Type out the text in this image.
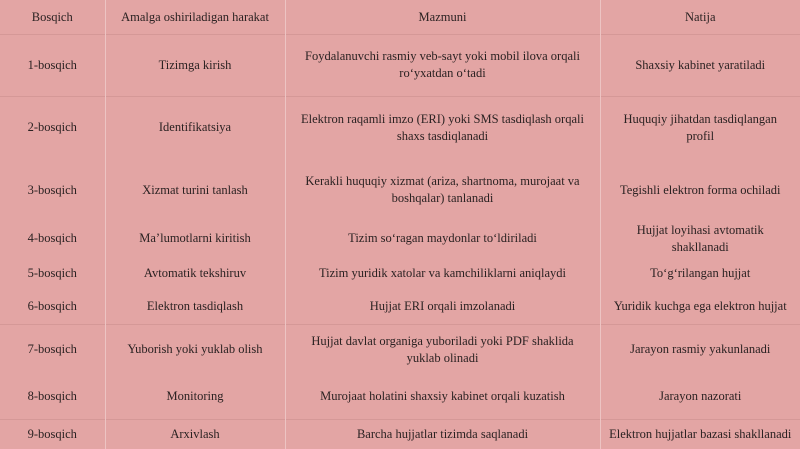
Bosqich	Amalga oshiriladigan harakat	Mazmuni	Natija
1-bosqich	Tizimga kirish	Foydalanuvchi rasmiy veb-sayt yoki mobil ilova orqali ro‘yxatdan o‘tadi	Shaxsiy kabinet yaratiladi
2-bosqich	Identifikatsiya	Elektron raqamli imzo (ERI) yoki SMS tasdiqlash orqali shaxs tasdiqlanadi	Huquqiy jihatdan tasdiqlangan profil
3-bosqich	Xizmat turini tanlash	Kerakli huquqiy xizmat (ariza, shartnoma, murojaat va boshqalar) tanlanadi	Tegishli elektron forma ochiladi
4-bosqich	Ma’lumotlarni kiritish	Tizim so‘ragan maydonlar to‘ldiriladi	Hujjat loyihasi avtomatik shakllanadi
5-bosqich	Avtomatik tekshiruv	Tizim yuridik xatolar va kamchiliklarni aniqlaydi	To‘g‘rilangan hujjat
6-bosqich	Elektron tasdiqlash	Hujjat ERI orqali imzolanadi	Yuridik kuchga ega elektron hujjat
7-bosqich	Yuborish yoki yuklab olish	Hujjat davlat organiga yuboriladi yoki PDF shaklida yuklab olinadi	Jarayon rasmiy yakunlanadi
8-bosqich	Monitoring	Murojaat holatini shaxsiy kabinet orqali kuzatish	Jarayon nazorati
9-bosqich	Arxivlash	Barcha hujjatlar tizimda saqlanadi	Elektron hujjatlar bazasi shakllanadi
